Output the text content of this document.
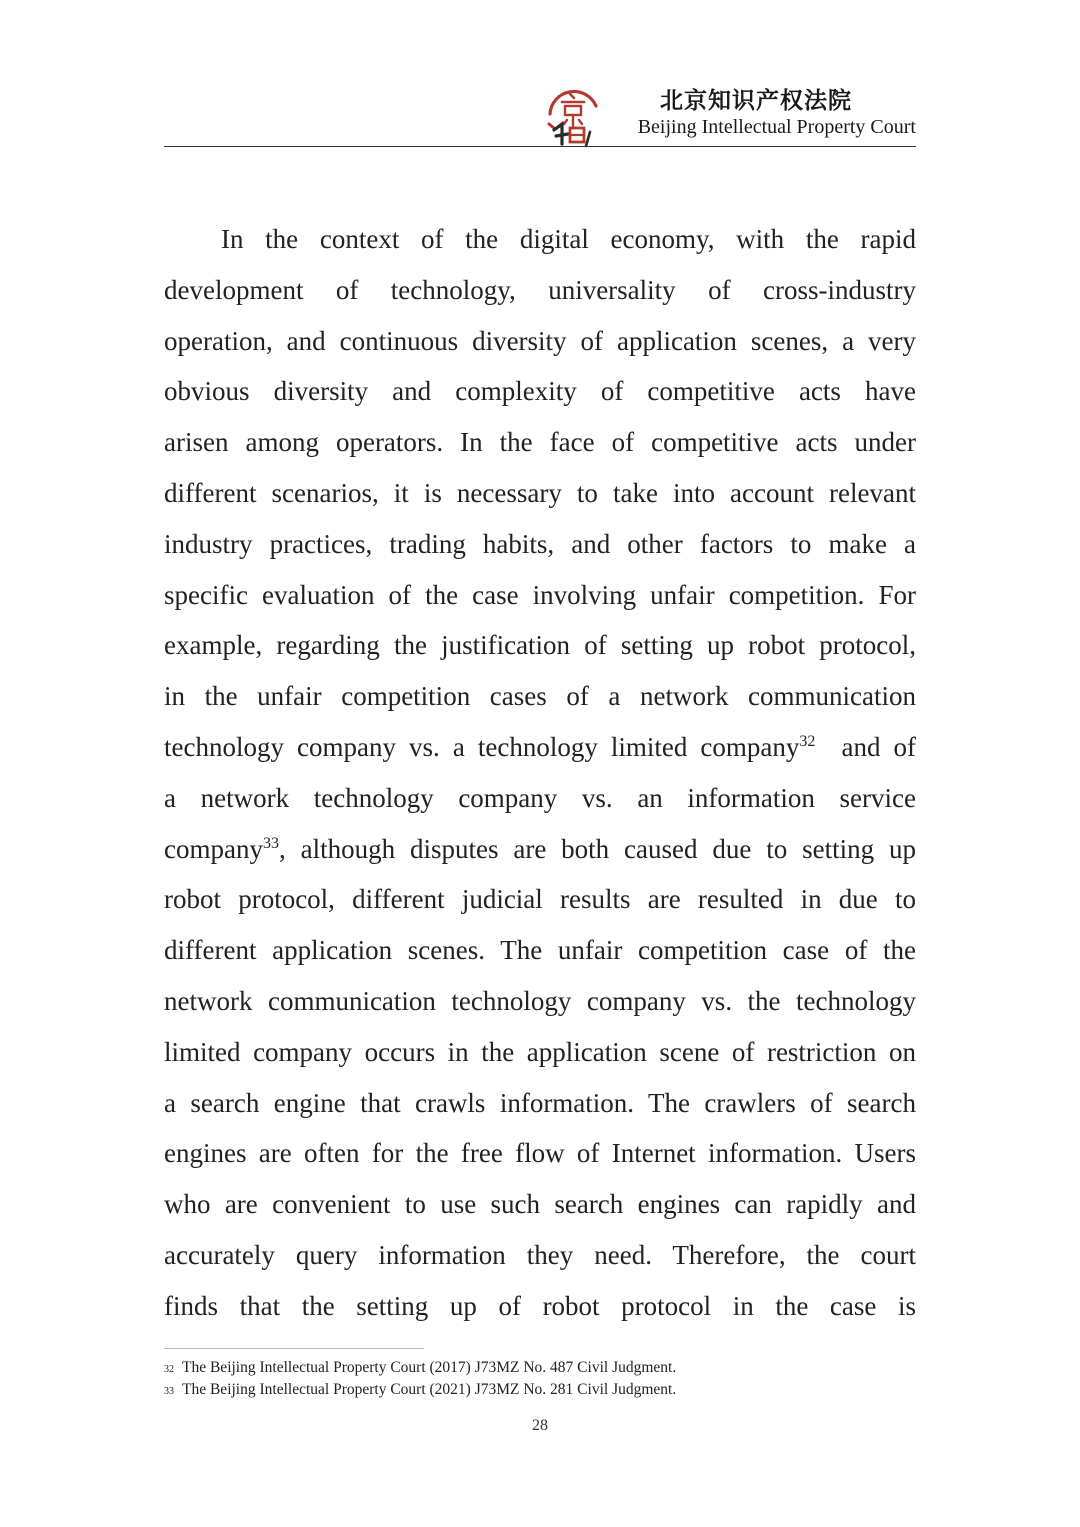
北京知识产权法院
Beijing Intellectual Property Court
In the context of the digital economy, with the rapid
development of technology, universality of cross-industry
operation, and continuous diversity of application scenes, a very
obvious diversity and complexity of competitive acts have
arisen among operators. In the face of competitive acts under
different scenarios, it is necessary to take into account relevant
industry practices, trading habits, and other factors to make a
specific evaluation of the case involving unfair competition. For
example, regarding the justification of setting up robot protocol,
in the unfair competition cases of a network communication
technology company vs. a technology limited company$^{32}$ and of
a network technology company vs. an information service
company$^{33}$, although disputes are both caused due to setting up
robot protocol, different judicial results are resulted in due to
different application scenes. The unfair competition case of the
network communication technology company vs. the technology
limited company occurs in the application scene of restriction on
a search engine that crawls information. The crawlers of search
engines are often for the free flow of Internet information. Users
who are convenient to use such search engines can rapidly and
accurately query information they need. Therefore, the court
finds that the setting up of robot protocol in the case is
32 The Beijing Intellectual Property Court (2017) J73MZ No. 487 Civil Judgment.
33 The Beijing Intellectual Property Court (2021) J73MZ No. 281 Civil Judgment.
28
